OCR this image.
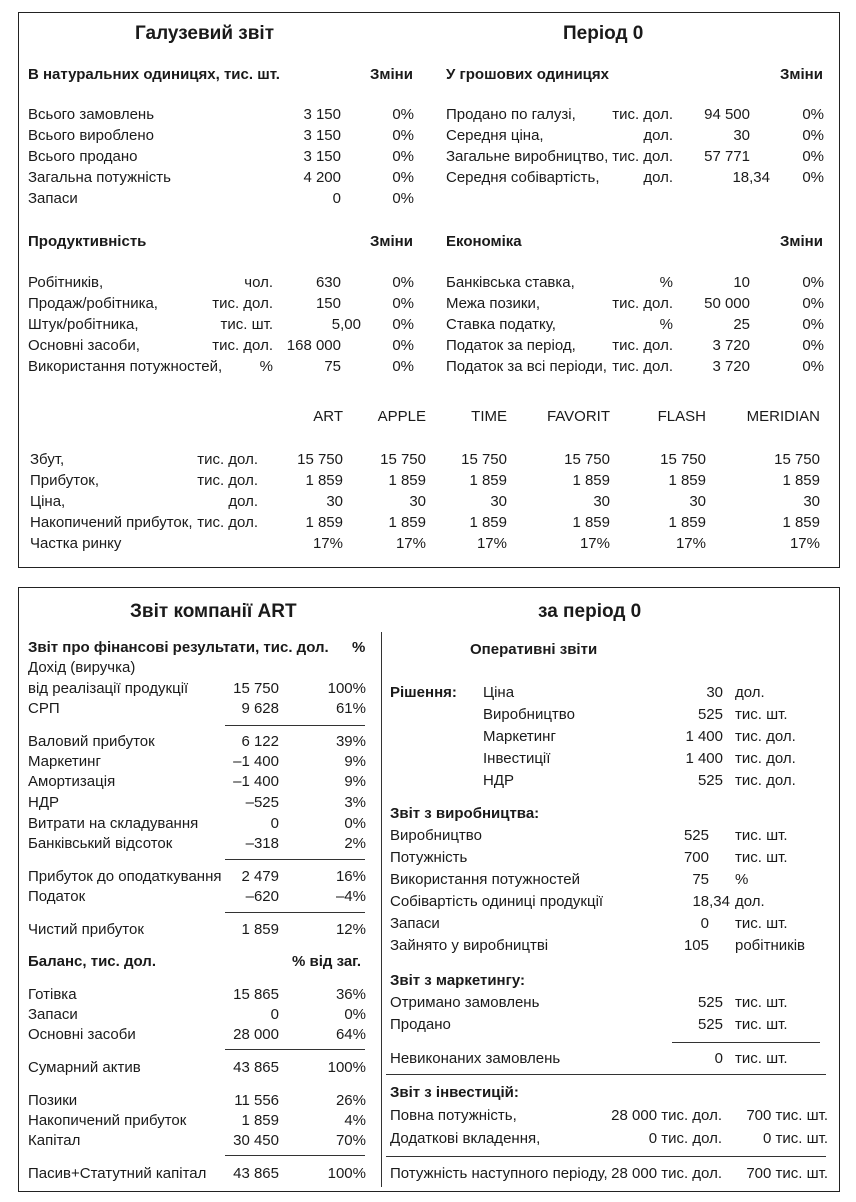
Галузевий звіт	Період 0
В натуральних одиницях, тис. шт.	Зміни У грошових одиницях	Зміни
Всього замовлень	3 150	0%
Всього вироблено	3 150	0%
Всього продано	3 150	0%
Загальна потужність	4 200	0%
Запаси	0	0%
Продано по галузі,	тис. дол.	94 500	0%
Середня ціна,	дол.	30	0%
Загальне виробництво, тис. дол.	57 771	0%
Середня собівартість,	дол.	18,34	0%
Продуктивність	Зміни Економіка	Зміни
Робітників,	чол.	630	0%
Продаж/робітника,	тис. дол.	150	0%
Штук/робітника,	тис. шт.	5,00	0%
Основні засоби,	тис. дол. 168 000	0%
Використання потужностей,	%	75	0%
Банківська ставка,	%	10	0%
Межа позики,	тис. дол.	50 000	0%
Ставка податку,	%	25	0%
Податок за період,	тис. дол.	3 720	0%
Податок за всі періоди, тис. дол.	3 720	0%
ART	APPLE	TIME	FAVORIT	FLASH	MERIDIAN
Збут,	тис. дол.	15 750	15 750	15 750	15 750	15 750	15 750
Прибуток,	тис. дол.	1 859	1 859	1 859	1 859	1 859	1 859
Ціна,	дол.	30	30	30	30	30	30
Накопичений прибуток, тис. дол.	1 859	1 859	1 859	1 859	1 859	1 859
Частка ринку	17%	17%	17%	17%	17%	17%
Звіт компанії ART	за період 0
Звіт про фінансові результати, тис. дол. %
Дохід (виручка)
від реалізації продукції	15 750	100%
СРП	9 628	61%
Валовий прибуток	6 122	39%
Маркетинг	–1 400	9%
Амортизація	–1 400	9%
НДР	–525	3%
Витрати на складування	0	0%
Банківський відсоток	–318	2%
Прибуток до оподаткування	2 479	16%
Податок	–620	–4%
Чистий прибуток	1 859	12%
Баланс, тис. дол.	% від заг.
Готівка	15 865	36%
Запаси	0	0%
Основні засоби	28 000	64%
Сумарний актив	43 865	100%
Позики	11 556	26%
Накопичений прибуток	1 859	4%
Капітал	30 450	70%
Пасив+Статутний капітал	43 865	100%
Оперативні звіти
Рішення: Ціна	30 дол.
Виробництво	525 тис. шт.
Маркетинг	1 400 тис. дол.
Інвестиції	1 400 тис. дол.
НДР	525 тис. дол.
Звіт з виробництва:
Виробництво	525 тис. шт.
Потужність	700 тис. шт.
Використання потужностей	75 %
Собівартість одиниці продукції	18,34 дол.
Запаси	0 тис. шт.
Зайнято у виробництві	105 робітників
Звіт з маркетингу:
Отримано замовлень	525 тис. шт.
Продано	525 тис. шт.
Невиконаних замовлень	0 тис. шт.
Звіт з інвестицій:
Повна потужність,	28 000 тис. дол.	700 тис. шт.
Додаткові вкладення,	0 тис. дол.	0 тис. шт.
Потужність наступного періоду, 28 000 тис. дол.	700 тис. шт.
